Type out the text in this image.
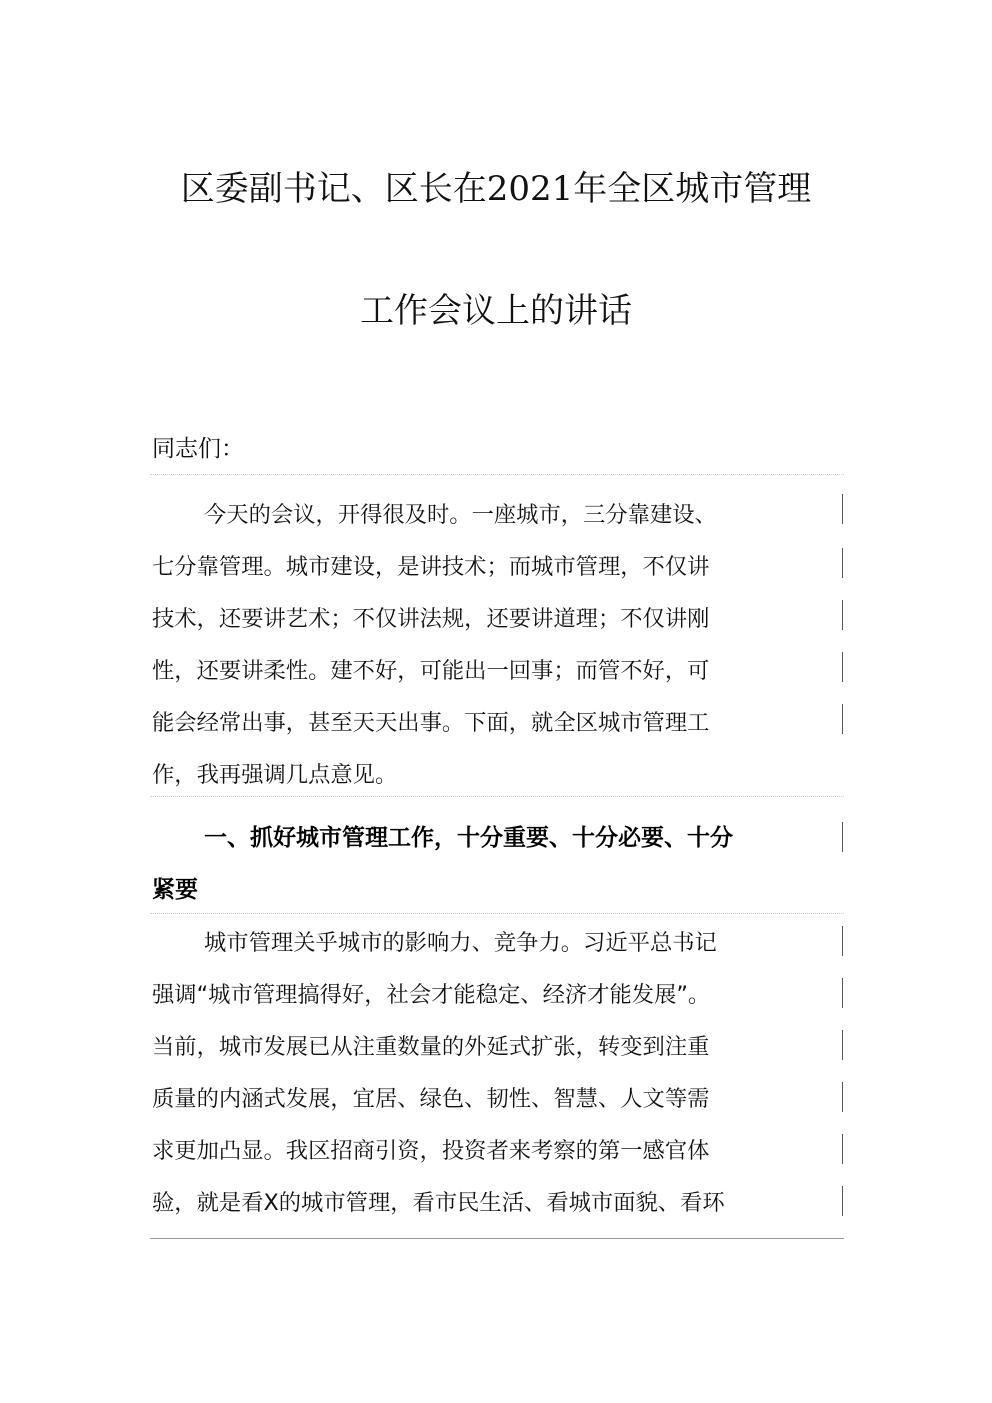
区委副书记、区长在2021年全区城市管理
工作会议上的讲话
同志们：
今天的会议，开得很及时。一座城市，三分靠建设、
七分靠管理。城市建设，是讲技术；而城市管理，不仅讲
技术，还要讲艺术；不仅讲法规，还要讲道理；不仅讲刚
性，还要讲柔性。建不好，可能出一回事；而管不好，可
能会经常出事，甚至天天出事。下面，就全区城市管理工
作，我再强调几点意见。
一、抓好城市管理工作，十分重要、十分必要、十分
紧要
城市管理关乎城市的影响力、竞争力。习近平总书记
强调“城市管理搞得好，社会才能稳定、经济才能发展”。
当前，城市发展已从注重数量的外延式扩张，转变到注重
质量的内涵式发展，宜居、绿色、韧性、智慧、人文等需
求更加凸显。我区招商引资，投资者来考察的第一感官体
验，就是看X的城市管理，看市民生活、看城市面貌、看环
